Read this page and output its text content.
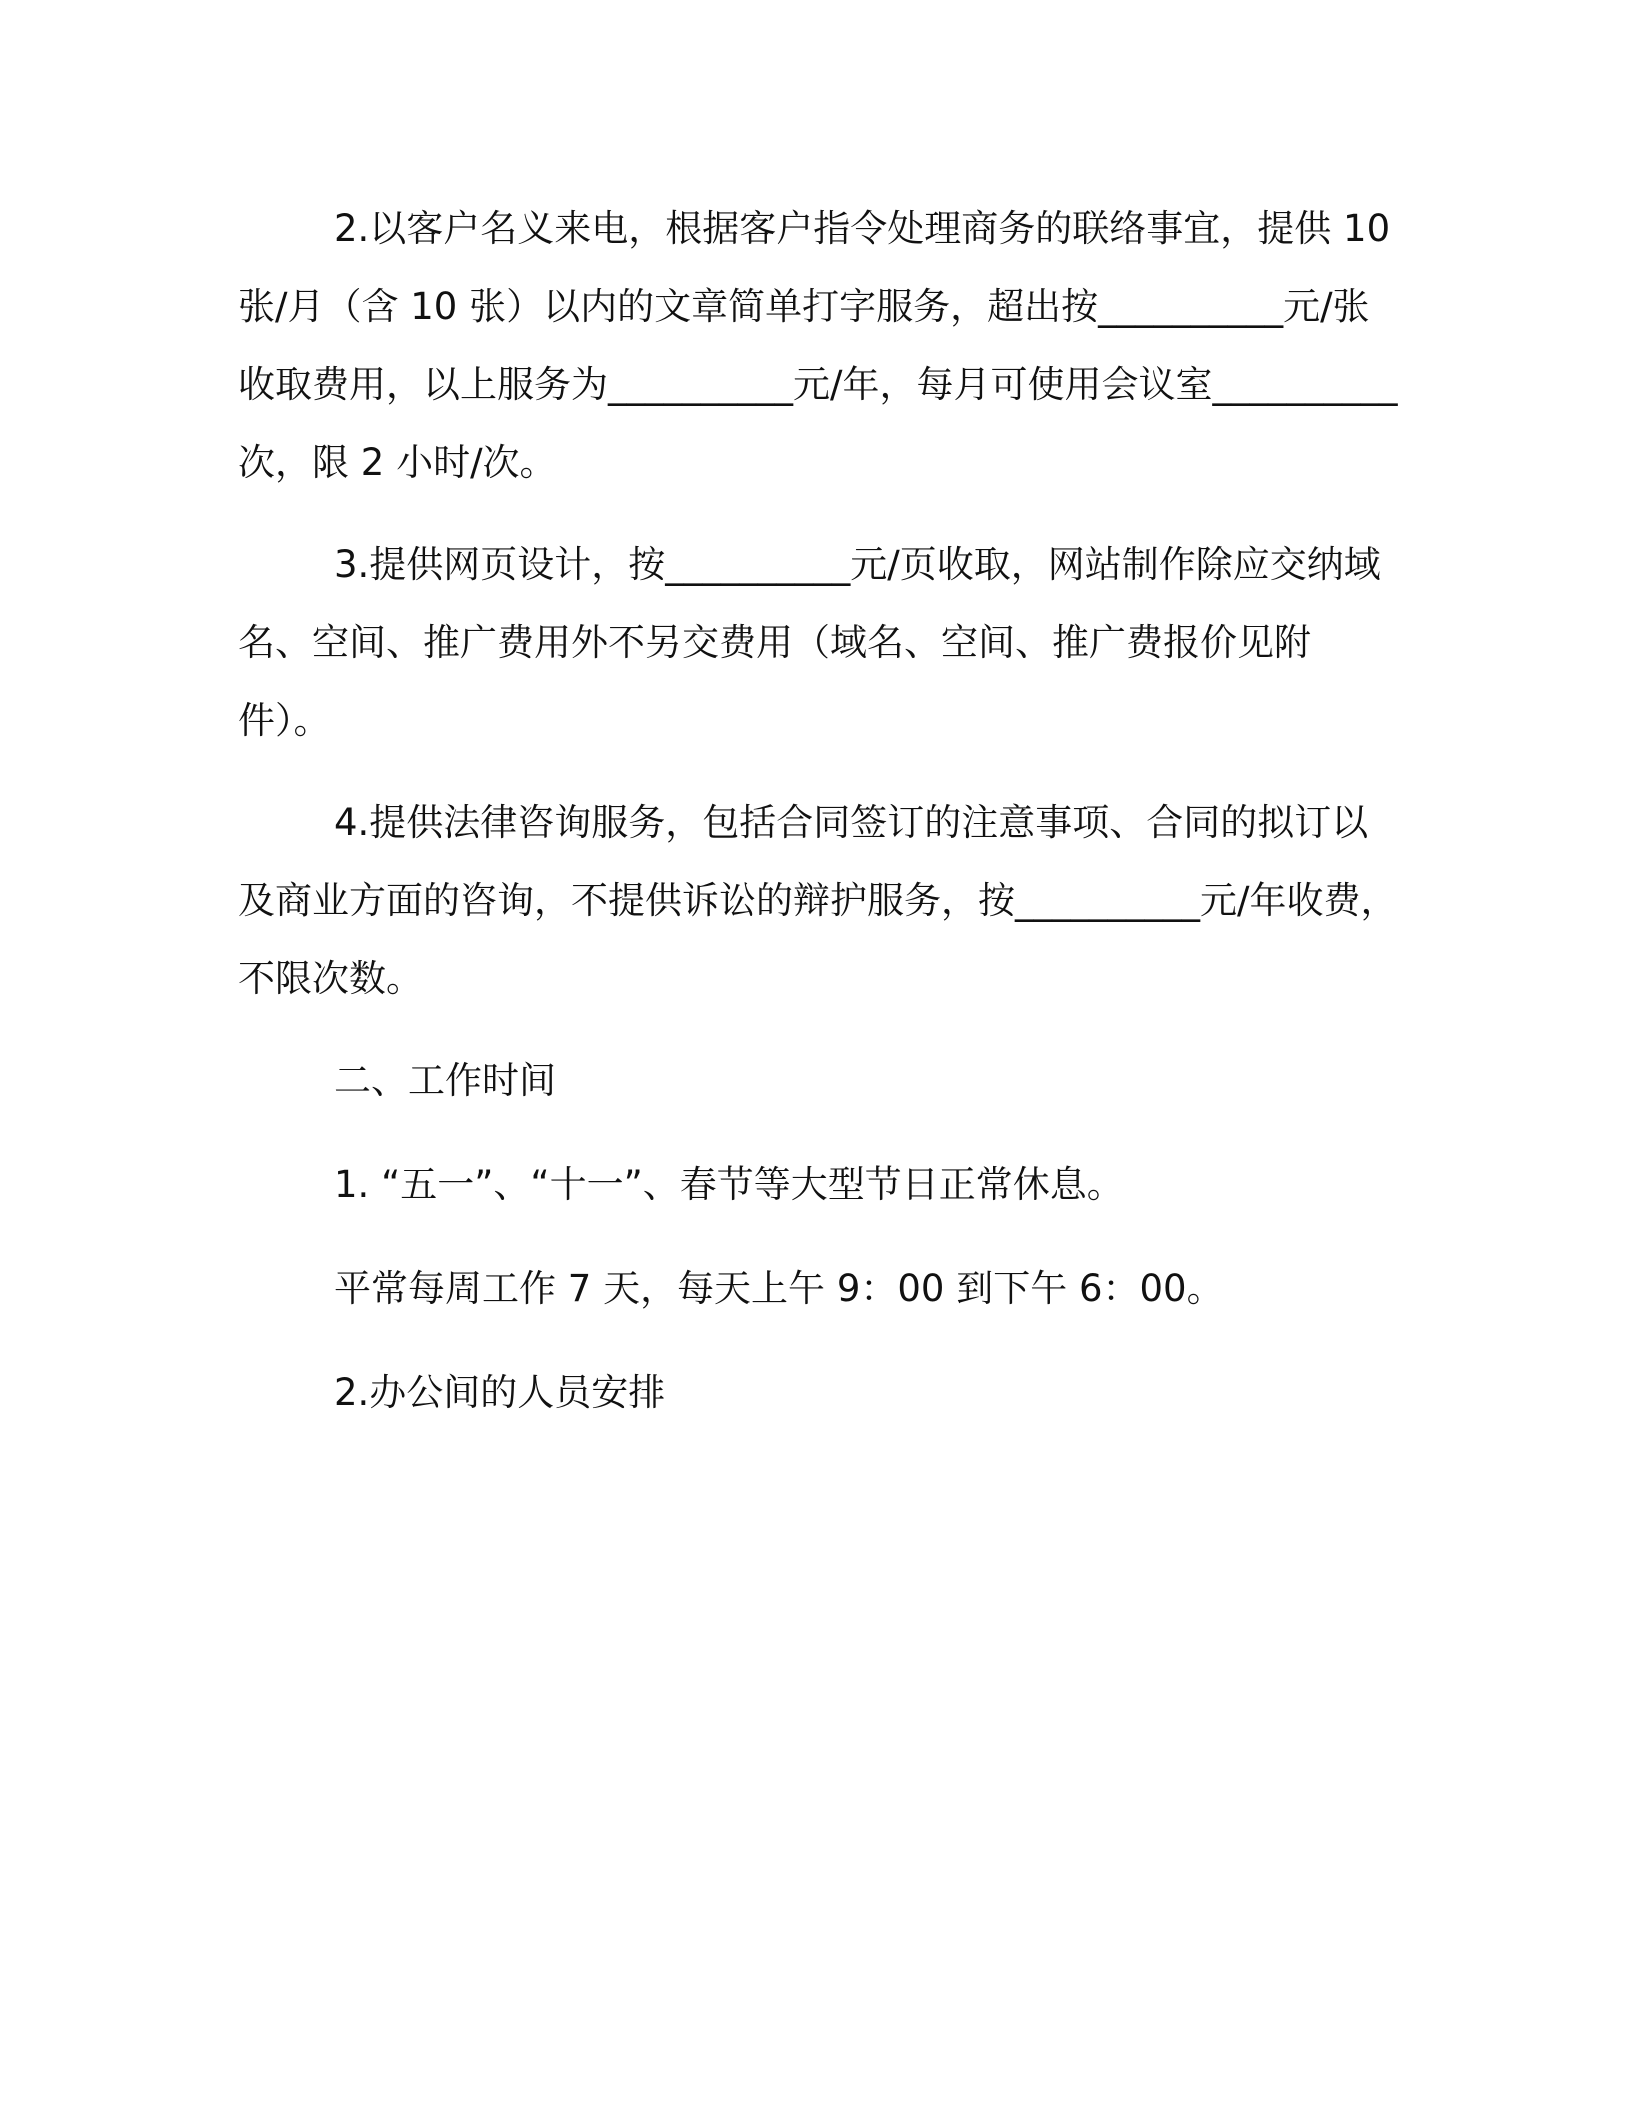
2.以客户名义来电，根据客户指令处理商务的联络事宜，提供 10 张/月（含 10 张）以内的文章简单打字服务，超出按__________元/张收取费用，以上服务为__________元/年，每月可使用会议室__________次，限 2 小时/次。

3.提供网页设计，按__________元/页收取，网站制作除应交纳域名、空间、推广费用外不另交费用（域名、空间、推广费报价见附件）。

4.提供法律咨询服务，包括合同签订的注意事项、合同的拟订以及商业方面的咨询，不提供诉讼的辩护服务，按__________元/年收费，不限次数。

二、工作时间

1. “五一”、“十一”、春节等大型节日正常休息。

平常每周工作 7 天，每天上午 9：00 到下午 6：00。

2.办公间的人员安排
